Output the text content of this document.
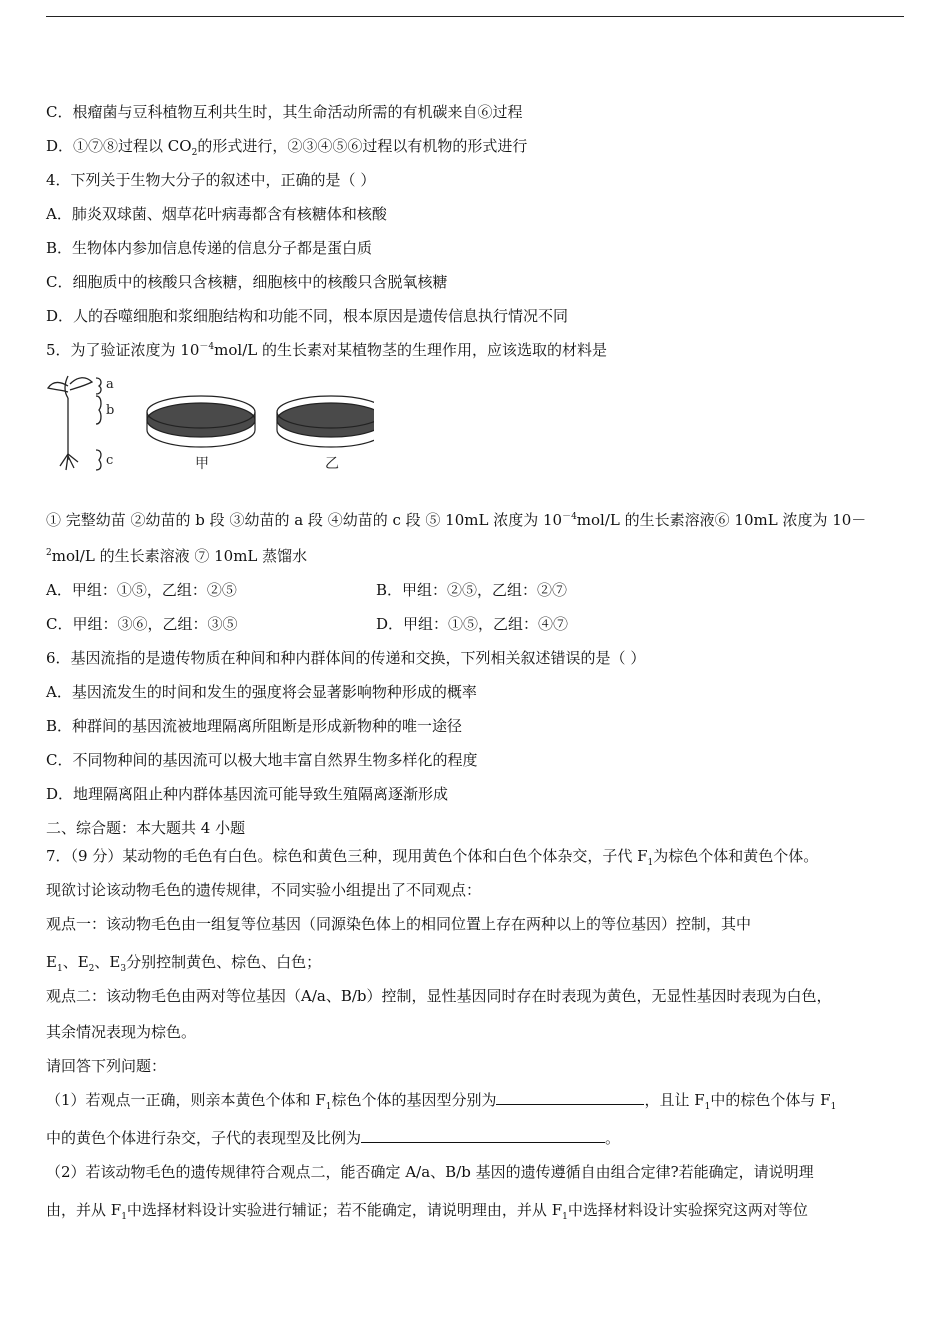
C．根瘤菌与豆科植物互利共生时，其生命活动所需的有机碳来自⑥过程
D．①⑦⑧过程以 $CO_2$的形式进行，②③④⑤⑥过程以有机物的形式进行
4．下列关于生物大分子的叙述中，正确的是（ ）
A．肺炎双球菌、烟草花叶病毒都含有核糖体和核酸
B．生物体内参加信息传递的信息分子都是蛋白质
C．细胞质中的核酸只含核糖，细胞核中的核酸只含脱氧核糖
D．人的吞噬细胞和浆细胞结构和功能不同，根本原因是遗传信息执行情况不同
5．为了验证浓度为 $10^{-4}mol/L$ 的生长素对某植物茎的生理作用，应该选取的材料是
a
b
c	甲	乙
① 完整幼苗 ②幼苗的 b 段 ③幼苗的 a 段 ④幼苗的 c 段 ⑤ 10mL 浓度为 $10^{-4}mol/L$ 的生长素溶液⑥ 10mL 浓度为 10－
$^2$mol/L 的生长素溶液 ⑦ 10mL 蒸馏水
A．甲组：①⑤，乙组：②⑤	B．甲组：②⑤，乙组：②⑦
C．甲组：③⑥，乙组：③⑤	D．甲组：①⑤，乙组：④⑦
6．基因流指的是遗传物质在种间和种内群体间的传递和交换，下列相关叙述错误的是（ ）
A．基因流发生的时间和发生的强度将会显著影响物种形成的概率
B．种群间的基因流被地理隔离所阻断是形成新物种的唯一途径
C．不同物种间的基因流可以极大地丰富自然界生物多样化的程度
D．地理隔离阻止种内群体基因流可能导致生殖隔离逐渐形成
二、综合题：本大题共 4 小题
7．（9 分）某动物的毛色有白色。棕色和黄色三种，现用黄色个体和白色个体杂交，子代 $F_1$为棕色个体和黄色个体。
现欲讨论该动物毛色的遗传规律，不同实验小组提出了不同观点：
观点一：该动物毛色由一组复等位基因（同源染色体上的相同位置上存在两种以上的等位基因）控制，其中
$E_1$、$E_2$、$E_3$分别控制黄色、棕色、白色；
观点二：该动物毛色由两对等位基因（A/a、B/b）控制，显性基因同时存在时表现为黄色，无显性基因时表现为白色，
其余情况表现为棕色。
请回答下列问题：
（1）若观点一正确，则亲本黄色个体和 $F_1$棕色个体的基因型分别为	，且让 $F_1$中的棕色个体与 $F_1$
中的黄色个体进行杂交，子代的表现型及比例为	。
（2）若该动物毛色的遗传规律符合观点二，能否确定 A/a、B/b 基因的遗传遵循自由组合定律?若能确定，请说明理
由，并从 $F_1$中选择材料设计实验进行辅证；若不能确定，请说明理由，并从 $F_1$中选择材料设计实验探究这两对等位
